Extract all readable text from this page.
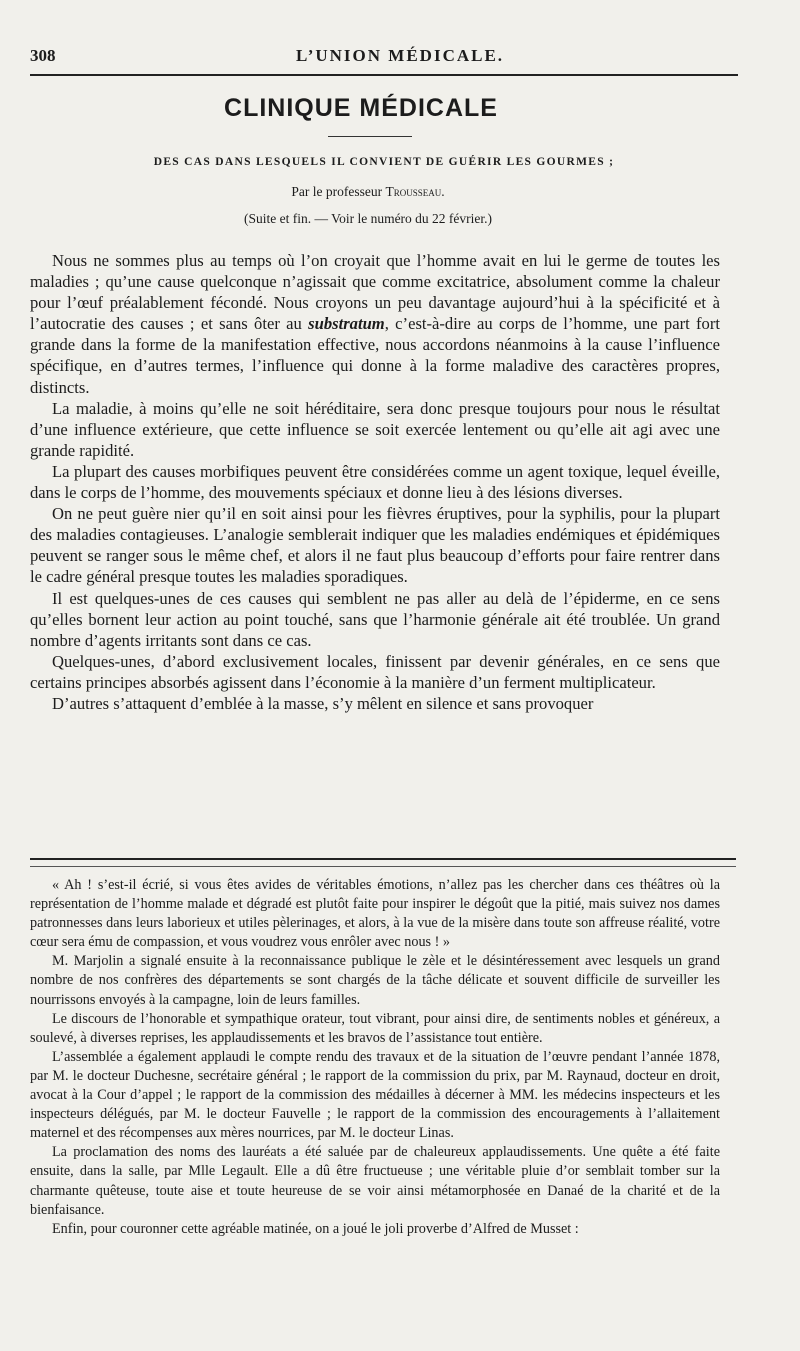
308	L’UNION MÉDICALE.
CLINIQUE MÉDICALE
DES CAS DANS LESQUELS IL CONVIENT DE GUÉRIR LES GOURMES ;
Par le professeur Trousseau.
(Suite et fin. — Voir le numéro du 22 février.)

Nous ne sommes plus au temps où l’on croyait que l’homme avait en lui le germe de toutes les maladies ; qu’une cause quelconque n’agissait que comme excitatrice, absolument comme la chaleur pour l’œuf préalablement fécondé. Nous croyons un peu davantage aujourd’hui à la spécificité et à l’autocratie des causes ; et sans ôter au substratum, c’est-à-dire au corps de l’homme, une part fort grande dans la forme de la manifestation effective, nous accordons néanmoins à la cause l’influence spécifique, en d’autres termes, l’influence qui donne à la forme maladive des caractères propres, distincts.

La maladie, à moins qu’elle ne soit héréditaire, sera donc presque toujours pour nous le résultat d’une influence extérieure, que cette influence se soit exercée lentement ou qu’elle ait agi avec une grande rapidité.

La plupart des causes morbifiques peuvent être considérées comme un agent toxique, lequel éveille, dans le corps de l’homme, des mouvements spéciaux et donne lieu à des lésions diverses.

On ne peut guère nier qu’il en soit ainsi pour les fièvres éruptives, pour la syphilis, pour la plupart des maladies contagieuses. L’analogie semblerait indiquer que les maladies endémiques et épidémiques peuvent se ranger sous le même chef, et alors il ne faut plus beaucoup d’efforts pour faire rentrer dans le cadre général presque toutes les maladies sporadiques.

Il est quelques-unes de ces causes qui semblent ne pas aller au delà de l’épiderme, en ce sens qu’elles bornent leur action au point touché, sans que l’harmonie générale ait été troublée. Un grand nombre d’agents irritants sont dans ce cas.

Quelques-unes, d’abord exclusivement locales, finissent par devenir générales, en ce sens que certains principes absorbés agissent dans l’économie à la manière d’un ferment multiplicateur.

D’autres s’attaquent d’emblée à la masse, s’y mêlent en silence et sans provoquer

« Ah ! s’est-il écrié, si vous êtes avides de véritables émotions, n’allez pas les chercher dans ces théâtres où la représentation de l’homme malade et dégradé est plutôt faite pour inspirer le dégoût que la pitié, mais suivez nos dames patronnesses dans leurs laborieux et utiles pèlerinages, et alors, à la vue de la misère dans toute son affreuse réalité, votre cœur sera ému de compassion, et vous voudrez vous enrôler avec nous ! »

M. Marjolin a signalé ensuite à la reconnaissance publique le zèle et le désintéressement avec lesquels un grand nombre de nos confrères des départements se sont chargés de la tâche délicate et souvent difficile de surveiller les nourrissons envoyés à la campagne, loin de leurs familles.

Le discours de l’honorable et sympathique orateur, tout vibrant, pour ainsi dire, de sentiments nobles et généreux, a soulevé, à diverses reprises, les applaudissements et les bravos de l’assistance tout entière.

L’assemblée a également applaudi le compte rendu des travaux et de la situation de l’œuvre pendant l’année 1878, par M. le docteur Duchesne, secrétaire général ; le rapport de la commission du prix, par M. Raynaud, docteur en droit, avocat à la Cour d’appel ; le rapport de la commission des médailles à décerner à MM. les médecins inspecteurs et les inspecteurs délégués, par M. le docteur Fauvelle ; le rapport de la commission des encouragements à l’allaitement maternel et des récompenses aux mères nourrices, par M. le docteur Linas.

La proclamation des noms des lauréats a été saluée par de chaleureux applaudissements. Une quête a été faite ensuite, dans la salle, par Mlle Legault. Elle a dû être fructueuse ; une véritable pluie d’or semblait tomber sur la charmante quêteuse, toute aise et toute heureuse de se voir ainsi métamorphosée en Danaé de la charité et de la bienfaisance.

Enfin, pour couronner cette agréable matinée, on a joué le joli proverbe d’Alfred de Musset :
